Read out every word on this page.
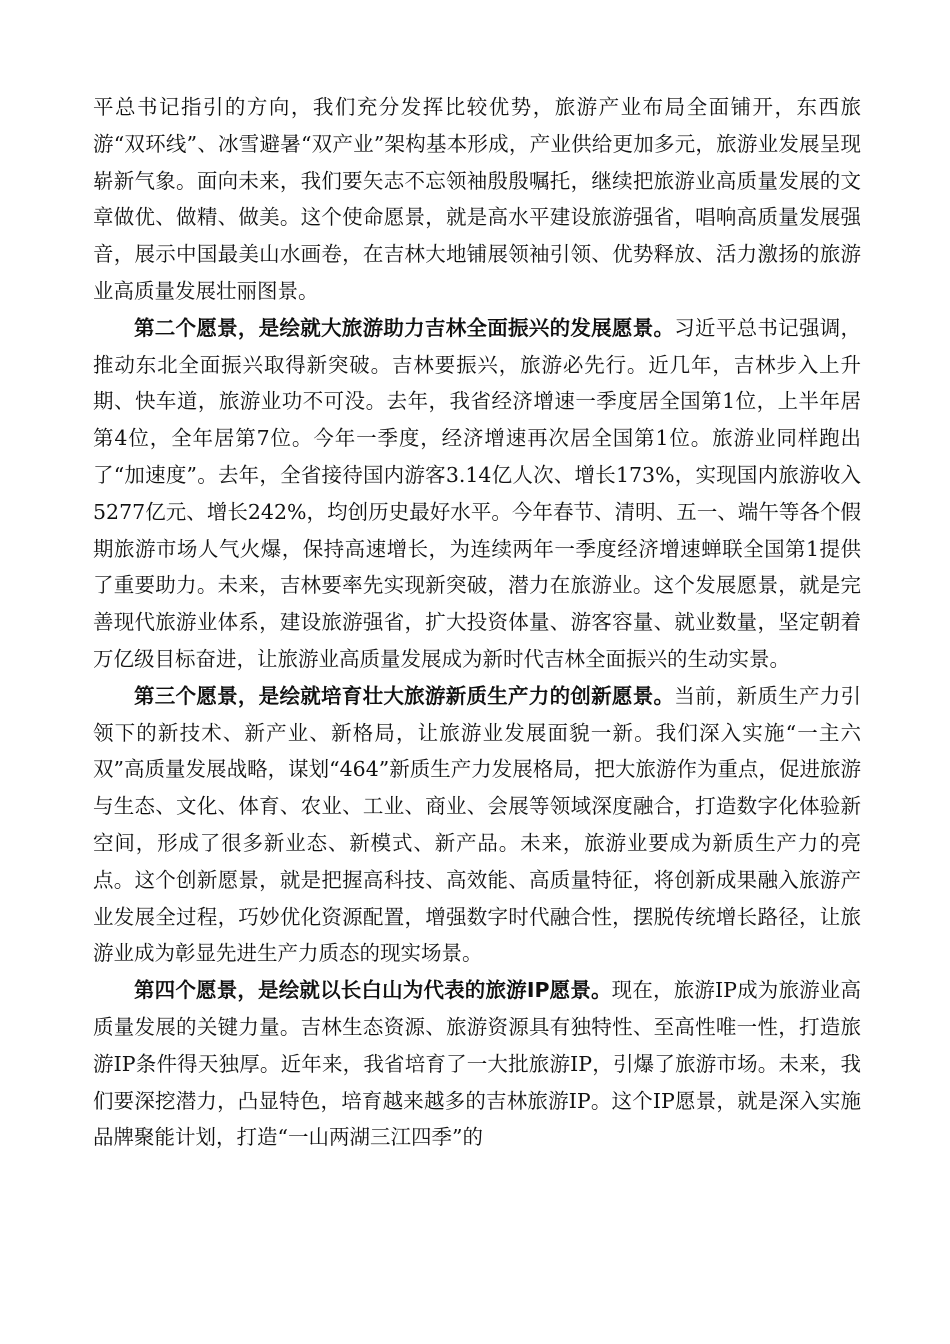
平总书记指引的方向，我们充分发挥比较优势，旅游产业布局全面铺开，东西旅游“双环线”、冰雪避暑“双产业”架构基本形成，产业供给更加多元，旅游业发展呈现崭新气象。面向未来，我们要矢志不忘领袖殷殷嘱托，继续把旅游业高质量发展的文章做优、做精、做美。这个使命愿景，就是高水平建设旅游强省，唱响高质量发展强音，展示中国最美山水画卷，在吉林大地铺展领袖引领、优势释放、活力激扬的旅游业高质量发展壮丽图景。

第二个愿景，是绘就大旅游助力吉林全面振兴的发展愿景。习近平总书记强调，推动东北全面振兴取得新突破。吉林要振兴，旅游必先行。近几年，吉林步入上升期、快车道，旅游业功不可没。去年，我省经济增速一季度居全国第1位，上半年居第4位，全年居第7位。今年一季度，经济增速再次居全国第1位。旅游业同样跑出了“加速度”。去年，全省接待国内游客3.14亿人次、增长173%，实现国内旅游收入5277亿元、增长242%，均创历史最好水平。今年春节、清明、五一、端午等各个假期旅游市场人气火爆，保持高速增长，为连续两年一季度经济增速蝉联全国第1提供了重要助力。未来，吉林要率先实现新突破，潜力在旅游业。这个发展愿景，就是完善现代旅游业体系，建设旅游强省，扩大投资体量、游客容量、就业数量，坚定朝着万亿级目标奋进，让旅游业高质量发展成为新时代吉林全面振兴的生动实景。

第三个愿景，是绘就培育壮大旅游新质生产力的创新愿景。当前，新质生产力引领下的新技术、新产业、新格局，让旅游业发展面貌一新。我们深入实施“一主六双”高质量发展战略，谋划“464”新质生产力发展格局，把大旅游作为重点，促进旅游与生态、文化、体育、农业、工业、商业、会展等领域深度融合，打造数字化体验新空间，形成了很多新业态、新模式、新产品。未来，旅游业要成为新质生产力的亮点。这个创新愿景，就是把握高科技、高效能、高质量特征，将创新成果融入旅游产业发展全过程，巧妙优化资源配置，增强数字时代融合性，摆脱传统增长路径，让旅游业成为彰显先进生产力质态的现实场景。

第四个愿景，是绘就以长白山为代表的旅游IP愿景。现在，旅游IP成为旅游业高质量发展的关键力量。吉林生态资源、旅游资源具有独特性、至高性唯一性，打造旅游IP条件得天独厚。近年来，我省培育了一大批旅游IP，引爆了旅游市场。未来，我们要深挖潜力，凸显特色，培育越来越多的吉林旅游IP。这个IP愿景，就是深入实施品牌聚能计划，打造“一山两湖三江四季”的
